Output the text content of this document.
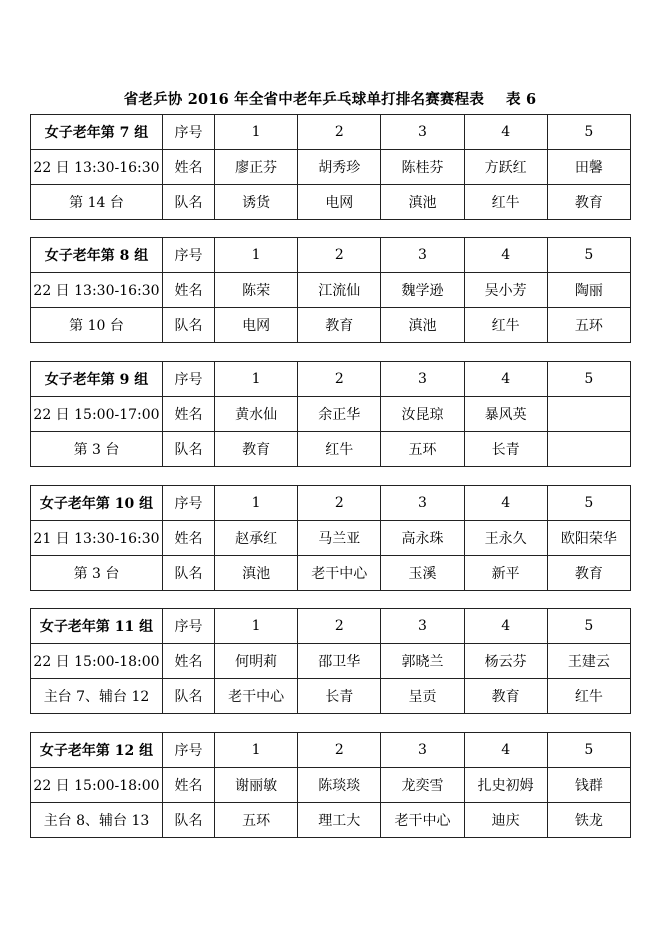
省老乒协 2016 年全省中老年乒乓球单打排名赛赛程表 表 6
女子老年第 7 组	序号	1	2	3	4	5
22 日 13:30-16:30	姓名	廖正芬	胡秀珍	陈桂芬	方跃红	田馨
第 14 台	队名	诱货	电网	滇池	红牛	教育
女子老年第 8 组	序号	1	2	3	4	5
22 日 13:30-16:30	姓名	陈荣	江流仙	魏学逊	吴小芳	陶丽
第 10 台	队名	电网	教育	滇池	红牛	五环
女子老年第 9 组	序号	1	2	3	4	5
22 日 15:00-17:00	姓名	黄水仙	余正华	汝昆琼	暴风英	
第 3 台	队名	教育	红牛	五环	长青	
女子老年第 10 组	序号	1	2	3	4	5
21 日 13:30-16:30	姓名	赵承红	马兰亚	高永珠	王永久	欧阳荣华
第 3 台	队名	滇池	老干中心	玉溪	新平	教育
女子老年第 11 组	序号	1	2	3	4	5
22 日 15:00-18:00	姓名	何明莉	邵卫华	郭晓兰	杨云芬	王建云
主台 7、辅台 12	队名	老干中心	长青	呈贡	教育	红牛
女子老年第 12 组	序号	1	2	3	4	5
22 日 15:00-18:00	姓名	谢丽敏	陈琰琰	龙奕雪	扎史初姆	钱群
主台 8、辅台 13	队名	五环	理工大	老干中心	迪庆	铁龙
